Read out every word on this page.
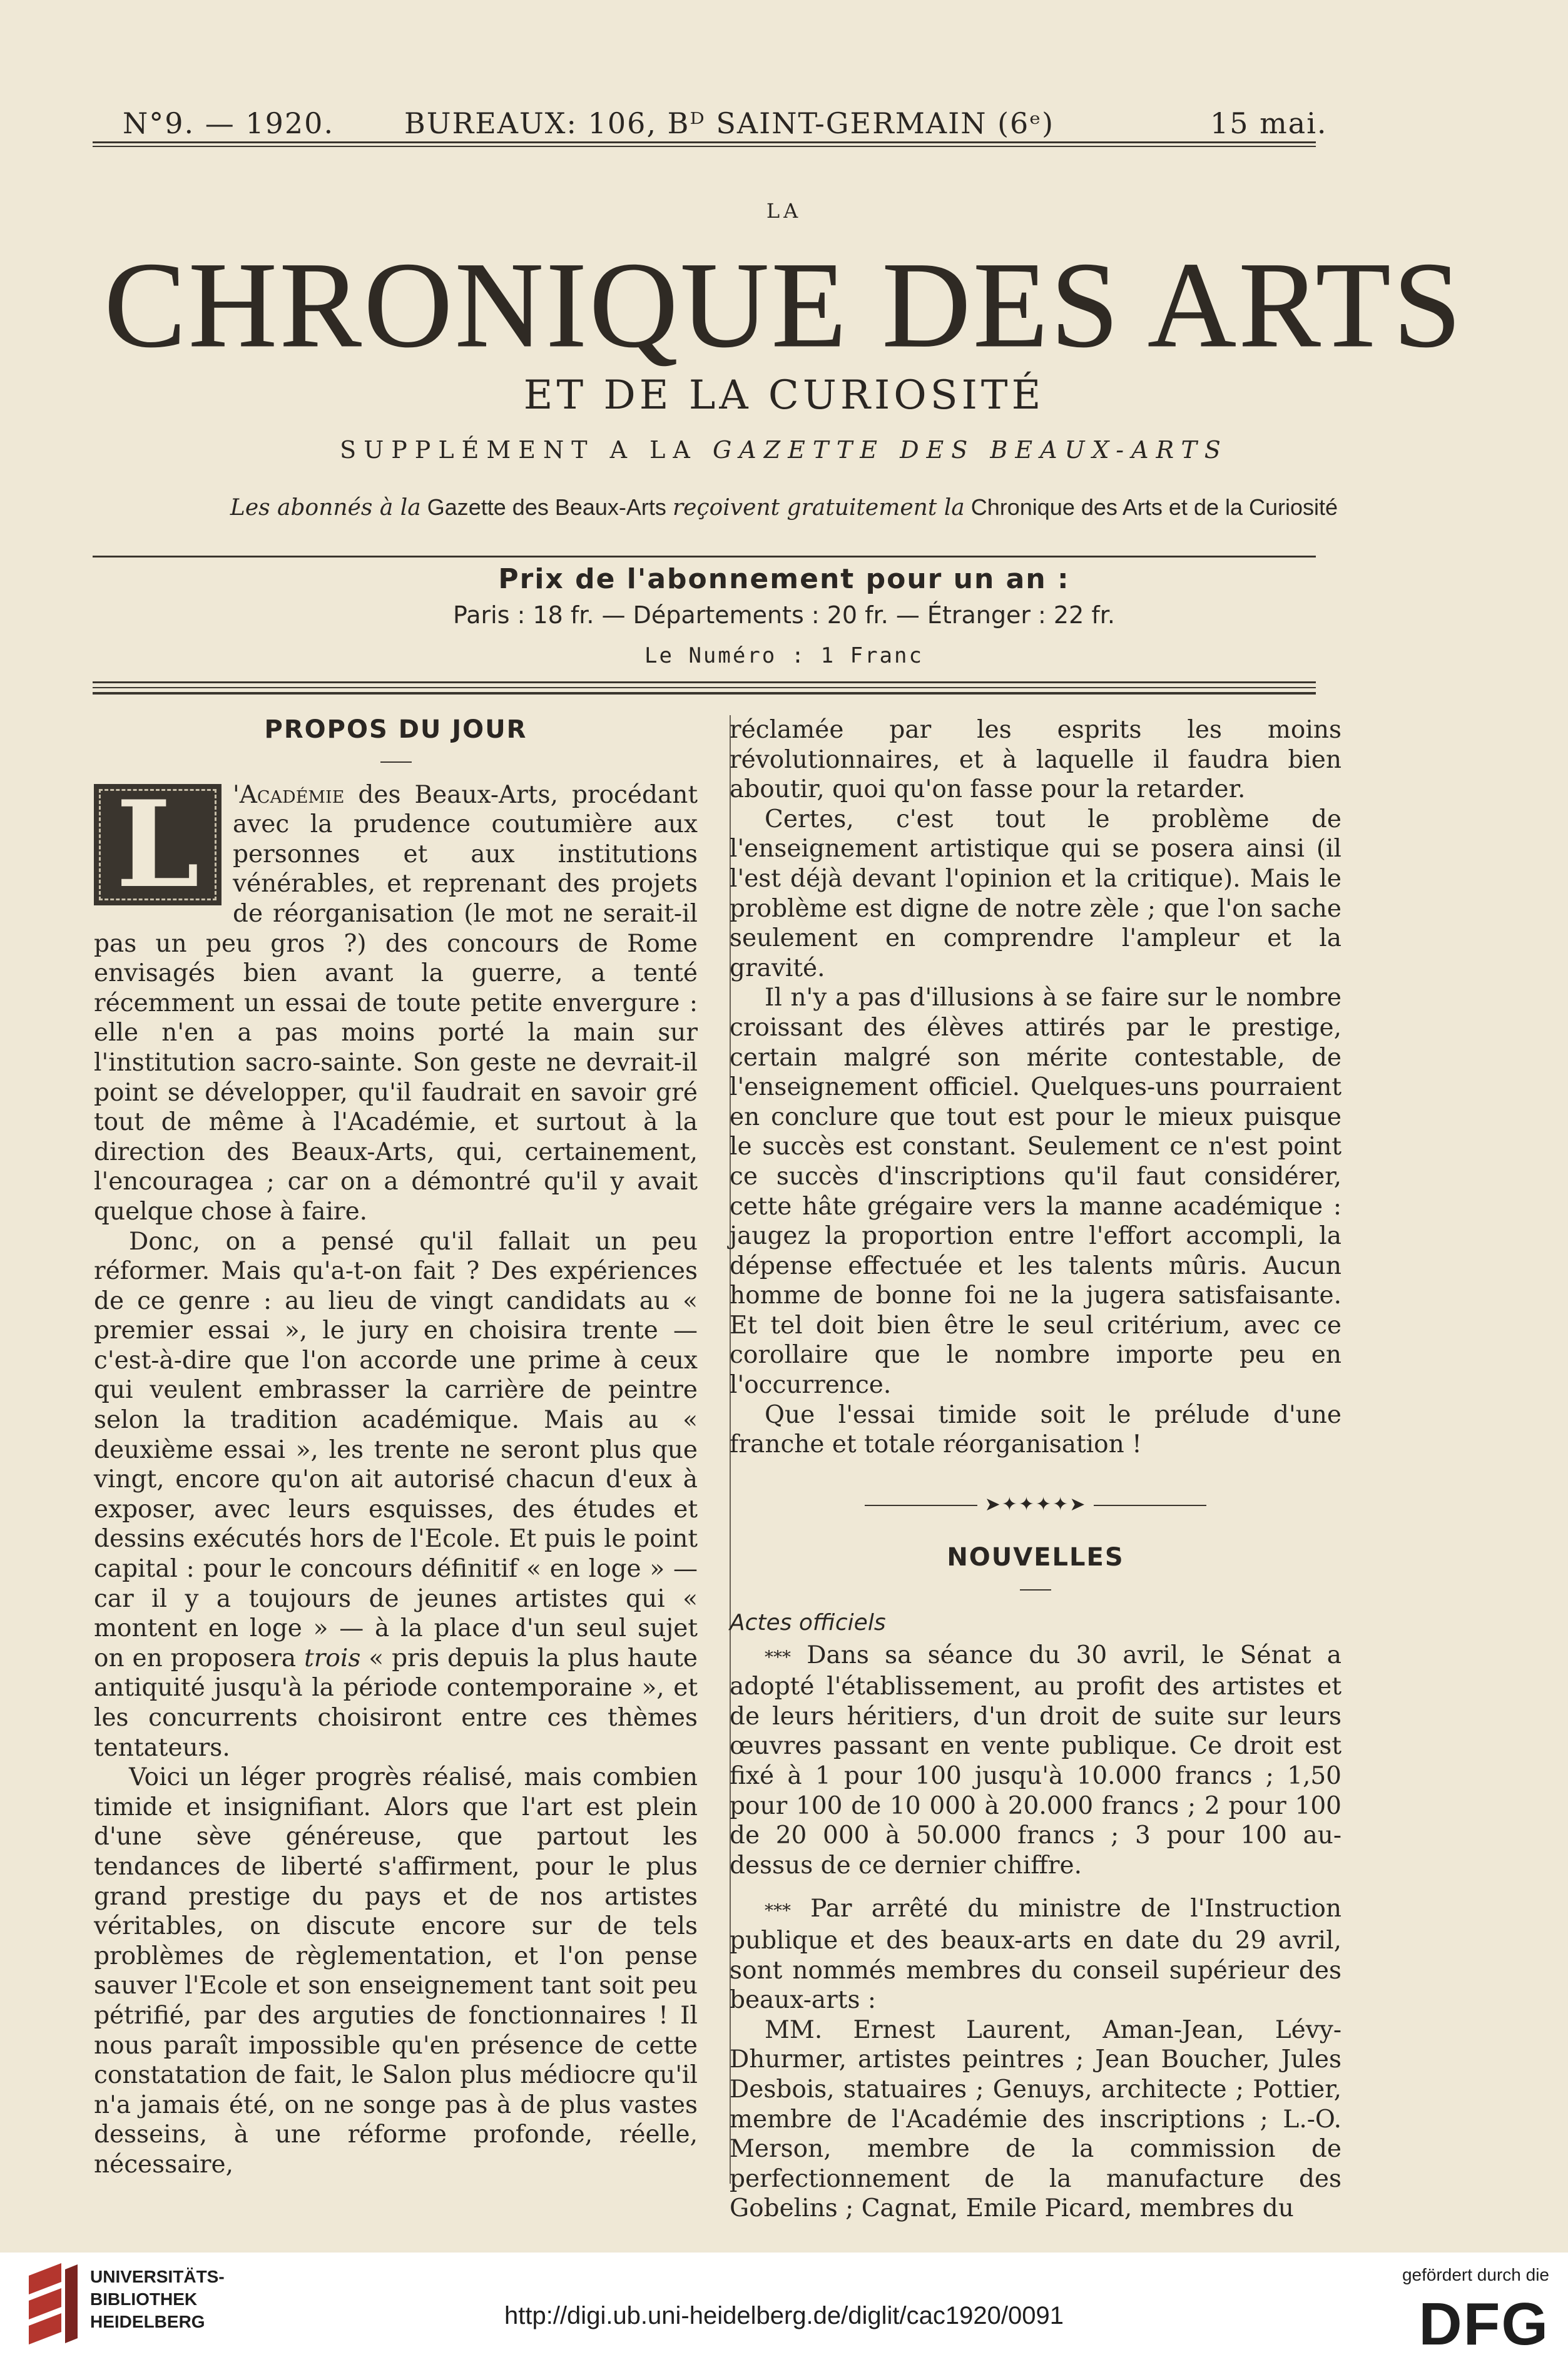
N°9. — 1920. BUREAUX: 106, Bᴰ SAINT-GERMAIN (6ᵉ)	15 mai.
LA
CHRONIQUE DES ARTS
ET DE LA CURIOSITÉ
SUPPLÉMENT A LA GAZETTE DES BEAUX-ARTS
Les abonnés à la Gazette des Beaux-Arts reçoivent gratuitement la Chronique des Arts et de la Curiosité
Prix de l'abonnement pour un an :
Paris : 18 fr. — Départements : 20 fr. — Étranger : 22 fr.
Le Numéro : 1 Franc
PROPOS DU JOUR

L	'Académie des Beaux-Arts, procédant avec la prudence coutumière aux personnes et aux institutions vénérables, et reprenant des projets de réorganisation (le mot ne serait-il pas un peu gros ?) des concours de Rome envisagés bien avant la guerre, a tenté récemment un essai de toute petite envergure : elle n'en a pas moins porté la main sur l'institution sacro-sainte. Son geste ne devrait-il point se développer, qu'il faudrait en savoir gré tout de même à l'Académie, et surtout à la direction des Beaux-Arts, qui, certainement, l'encouragea ; car on a démontré qu'il y avait quelque chose à faire.

Donc, on a pensé qu'il fallait un peu réformer. Mais qu'a-t-on fait ? Des expériences de ce genre : au lieu de vingt candidats au « premier essai », le jury en choisira trente — c'est-à-dire que l'on accorde une prime à ceux qui veulent embrasser la carrière de peintre selon la tradition académique. Mais au « deuxième essai », les trente ne seront plus que vingt, encore qu'on ait autorisé chacun d'eux à exposer, avec leurs esquisses, des études et dessins exécutés hors de l'Ecole. Et puis le point capital : pour le concours définitif « en loge » — car il y a toujours de jeunes artistes qui « montent en loge » — à la place d'un seul sujet on en proposera trois « pris depuis la plus haute antiquité jusqu'à la période contemporaine », et les concurrents choisiront entre ces thèmes tentateurs.

Voici un léger progrès réalisé, mais combien timide et insignifiant. Alors que l'art est plein d'une sève généreuse, que partout les tendances de liberté s'affirment, pour le plus grand prestige du pays et de nos artistes véritables, on discute encore sur de tels problèmes de règlementation, et l'on pense sauver l'Ecole et son enseignement tant soit peu pétrifié, par des arguties de fonctionnaires ! Il nous paraît impossible qu'en présence de cette constatation de fait, le Salon plus médiocre qu'il n'a jamais été, on ne songe pas à de plus vastes desseins, à une réforme profonde, réelle, nécessaire,

réclamée par les esprits les moins révolutionnaires, et à laquelle il faudra bien aboutir, quoi qu'on fasse pour la retarder.

Certes, c'est tout le problème de l'enseignement artistique qui se posera ainsi (il l'est déjà devant l'opinion et la critique). Mais le problème est digne de notre zèle ; que l'on sache seulement en comprendre l'ampleur et la gravité.

Il n'y a pas d'illusions à se faire sur le nombre croissant des élèves attirés par le prestige, certain malgré son mérite contestable, de l'enseignement officiel. Quelques-uns pourraient en conclure que tout est pour le mieux puisque le succès est constant. Seulement ce n'est point ce succès d'inscriptions qu'il faut considérer, cette hâte grégaire vers la manne académique : jaugez la proportion entre l'effort accompli, la dépense effectuée et les talents mûris. Aucun homme de bonne foi ne la jugera satisfaisante. Et tel doit bien être le seul critérium, avec ce corollaire que le nombre importe peu en l'occurrence.

Que l'essai timide soit le prélude d'une franche et totale réorganisation !

➤✦✦✦✦➤
NOUVELLES
Actes officiels

*** Dans sa séance du 30 avril, le Sénat a adopté l'établissement, au profit des artistes et de leurs héritiers, d'un droit de suite sur leurs œuvres passant en vente publique. Ce droit est fixé à 1 pour 100 jusqu'à 10.000 francs ; 1,50 pour 100 de 10 000 à 20.000 francs ; 2 pour 100 de 20 000 à 50.000 francs ; 3 pour 100 au-dessus de ce dernier chiffre.

*** Par arrêté du ministre de l'Instruction publique et des beaux-arts en date du 29 avril, sont nommés membres du conseil supérieur des beaux-arts :

MM. Ernest Laurent, Aman-Jean, Lévy-Dhurmer, artistes peintres ; Jean Boucher, Jules Desbois, statuaires ; Genuys, architecte ; Pottier, membre de l'Académie des inscriptions ; L.-O. Merson, membre de la commission de perfectionnement de la manufacture des Gobelins ; Cagnat, Emile Picard, membres du

UNIVERSITÄTS-
BIBLIOTHEK
HEIDELBERG	http://digi.ub.uni-heidelberg.de/diglit/cac1920/0091
gefördert durch die
DFG
